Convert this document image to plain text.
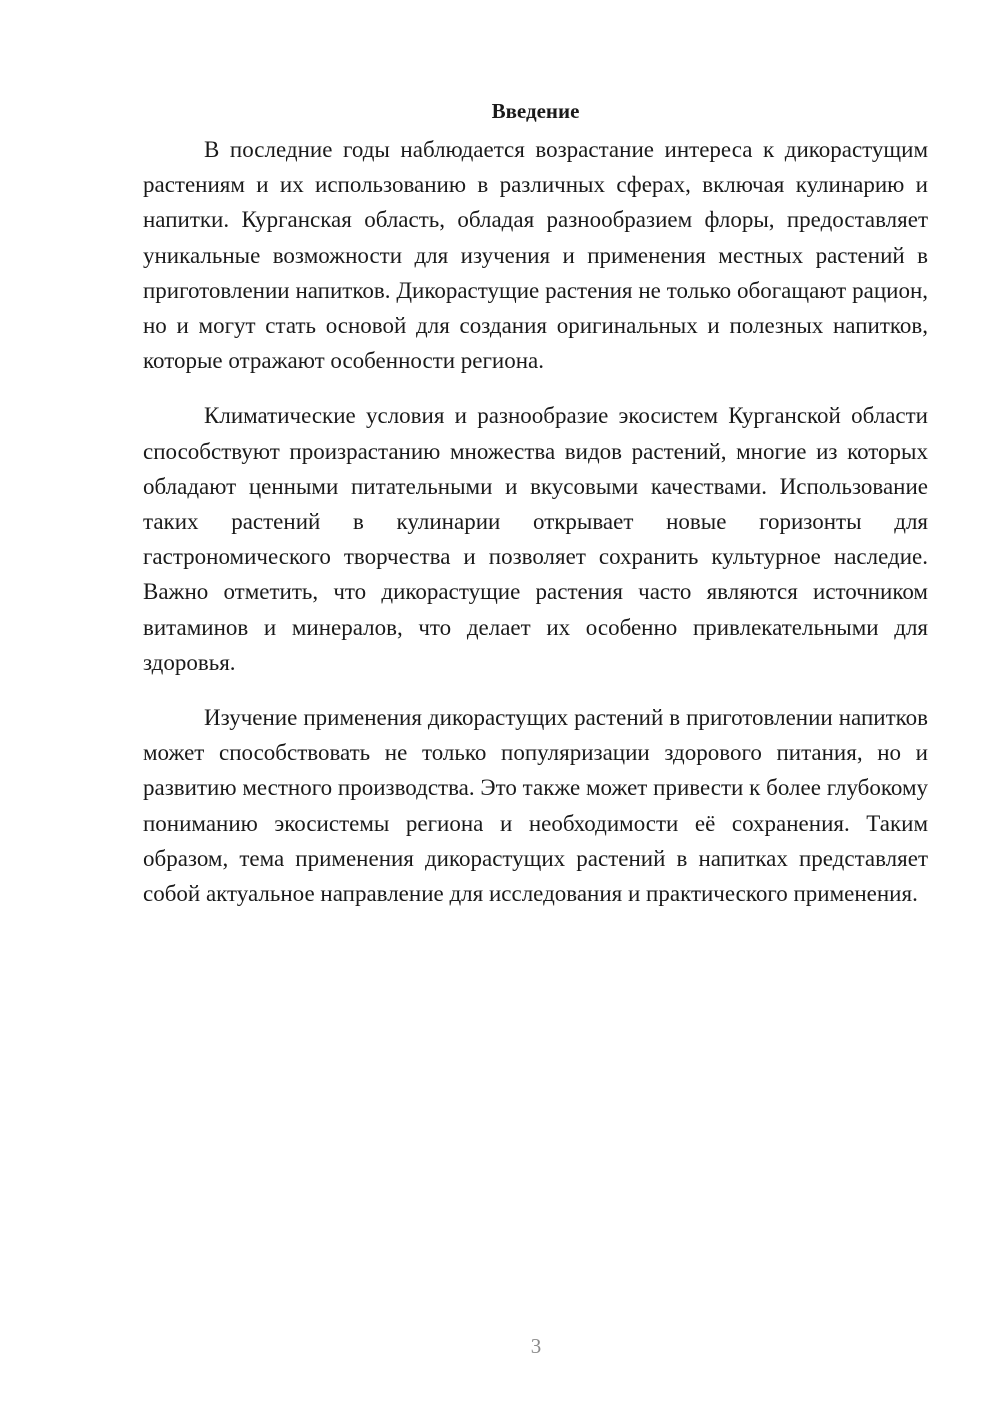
Введение

В последние годы наблюдается возрастание интереса к дикорастущим растениям и их использованию в различных сферах, включая кулинарию и напитки. Курганская область, обладая разнообразием флоры, предоставляет уникальные возможности для изучения и применения местных растений в приготовлении напитков. Дикорастущие растения не только обогащают рацион, но и могут стать основой для создания оригинальных и полезных напитков, которые отражают особенности региона.

Климатические условия и разнообразие экосистем Курганской области способствуют произрастанию множества видов растений, многие из которых обладают ценными питательными и вкусовыми качествами. Использование таких растений в кулинарии открывает новые горизонты для гастрономического творчества и позволяет сохранить культурное наследие. Важно отметить, что дикорастущие растения часто являются источником витаминов и минералов, что делает их особенно привлекательными для здоровья.

Изучение применения дикорастущих растений в приготовлении напитков может способствовать не только популяризации здорового питания, но и развитию местного производства. Это также может привести к более глубокому пониманию экосистемы региона и необходимости её сохранения. Таким образом, тема применения дикорастущих растений в напитках представляет собой актуальное направление для исследования и практического применения.

3
